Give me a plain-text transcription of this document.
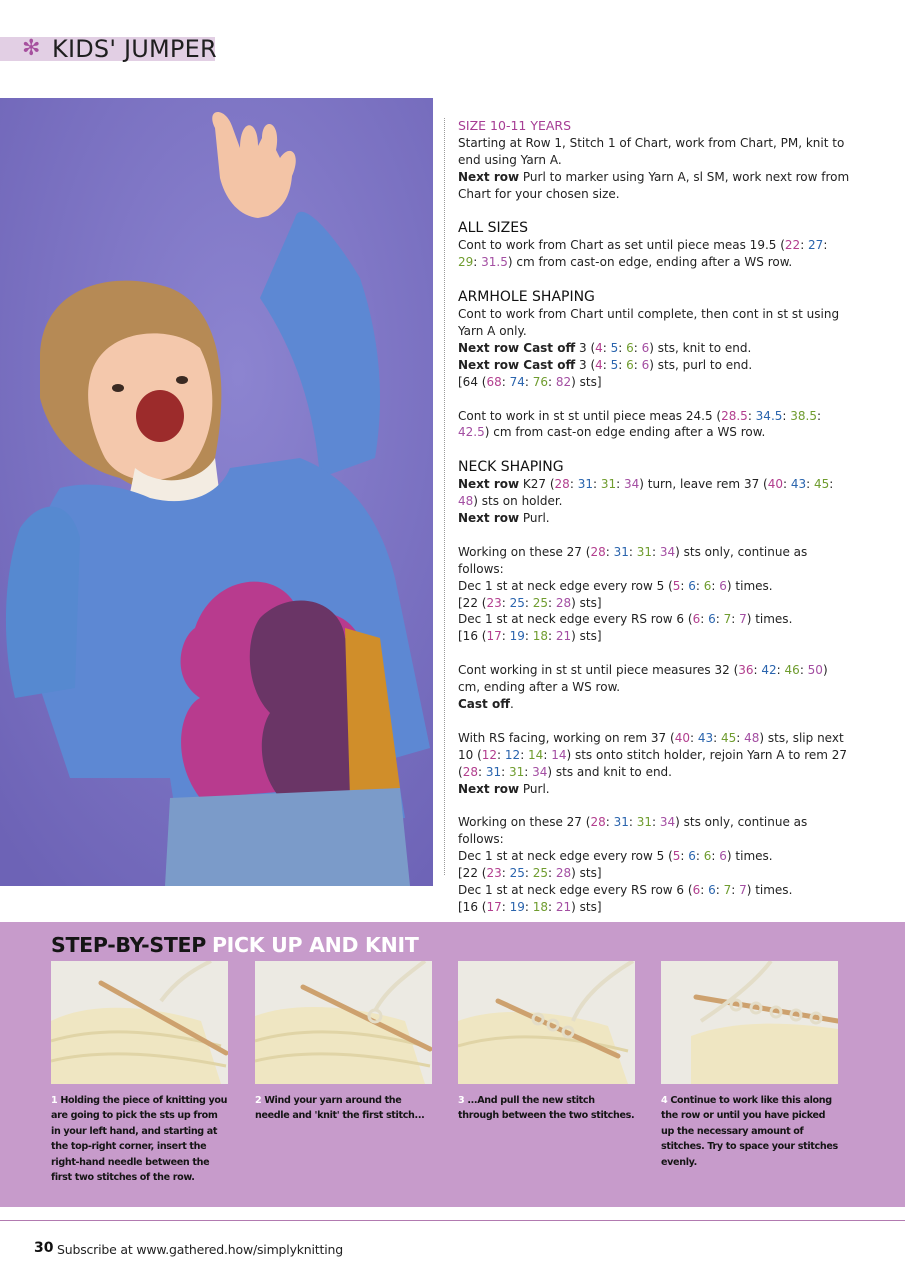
✻ KIDS' JUMPER

SIZE 10-11 YEARS
Starting at Row 1, Stitch 1 of Chart, work from Chart, PM, knit to end using Yarn A.
Next row Purl to marker using Yarn A, sl SM, work next row from Chart for your chosen size.

ALL SIZES
Cont to work from Chart as set until piece meas 19.5 (22: 27: 29: 31.5) cm from cast-on edge, ending after a WS row.

ARMHOLE SHAPING
Cont to work from Chart until complete, then cont in st st using Yarn A only.
Next row Cast off 3 (4: 5: 6: 6) sts, knit to end.
Next row Cast off 3 (4: 5: 6: 6) sts, purl to end.
[64 (68: 74: 76: 82) sts]

Cont to work in st st until piece meas 24.5 (28.5: 34.5: 38.5: 42.5) cm from cast-on edge ending after a WS row.

NECK SHAPING
Next row K27 (28: 31: 31: 34) turn, leave rem 37 (40: 43: 45: 48) sts on holder.
Next row Purl.

Working on these 27 (28: 31: 31: 34) sts only, continue as follows:
Dec 1 st at neck edge every row 5 (5: 6: 6: 6) times.
[22 (23: 25: 25: 28) sts]
Dec 1 st at neck edge every RS row 6 (6: 6: 7: 7) times.
[16 (17: 19: 18: 21) sts]

Cont working in st st until piece measures 32 (36: 42: 46: 50) cm, ending after a WS row.
Cast off.

With RS facing, working on rem 37 (40: 43: 45: 48) sts, slip next 10 (12: 12: 14: 14) sts onto stitch holder, rejoin Yarn A to rem 27 (28: 31: 31: 34) sts and knit to end.
Next row Purl.

Working on these 27 (28: 31: 31: 34) sts only, continue as follows:
Dec 1 st at neck edge every row 5 (5: 6: 6: 6) times.
[22 (23: 25: 25: 28) sts]
Dec 1 st at neck edge every RS row 6 (6: 6: 7: 7) times.
[16 (17: 19: 18: 21) sts]

STEP-BY-STEP PICK UP AND KNIT
1 Holding the piece of knitting you are going to pick the sts up from in your left hand, and starting at the top-right corner, insert the right-hand needle between the first two stitches of the row.
2 Wind your yarn around the needle and 'knit' the first stitch...
3 ...And pull the new stitch through between the two stitches.
4 Continue to work like this along the row or until you have picked up the necessary amount of stitches. Try to space your stitches evenly.
30 Subscribe at www.gathered.how/simplyknitting
